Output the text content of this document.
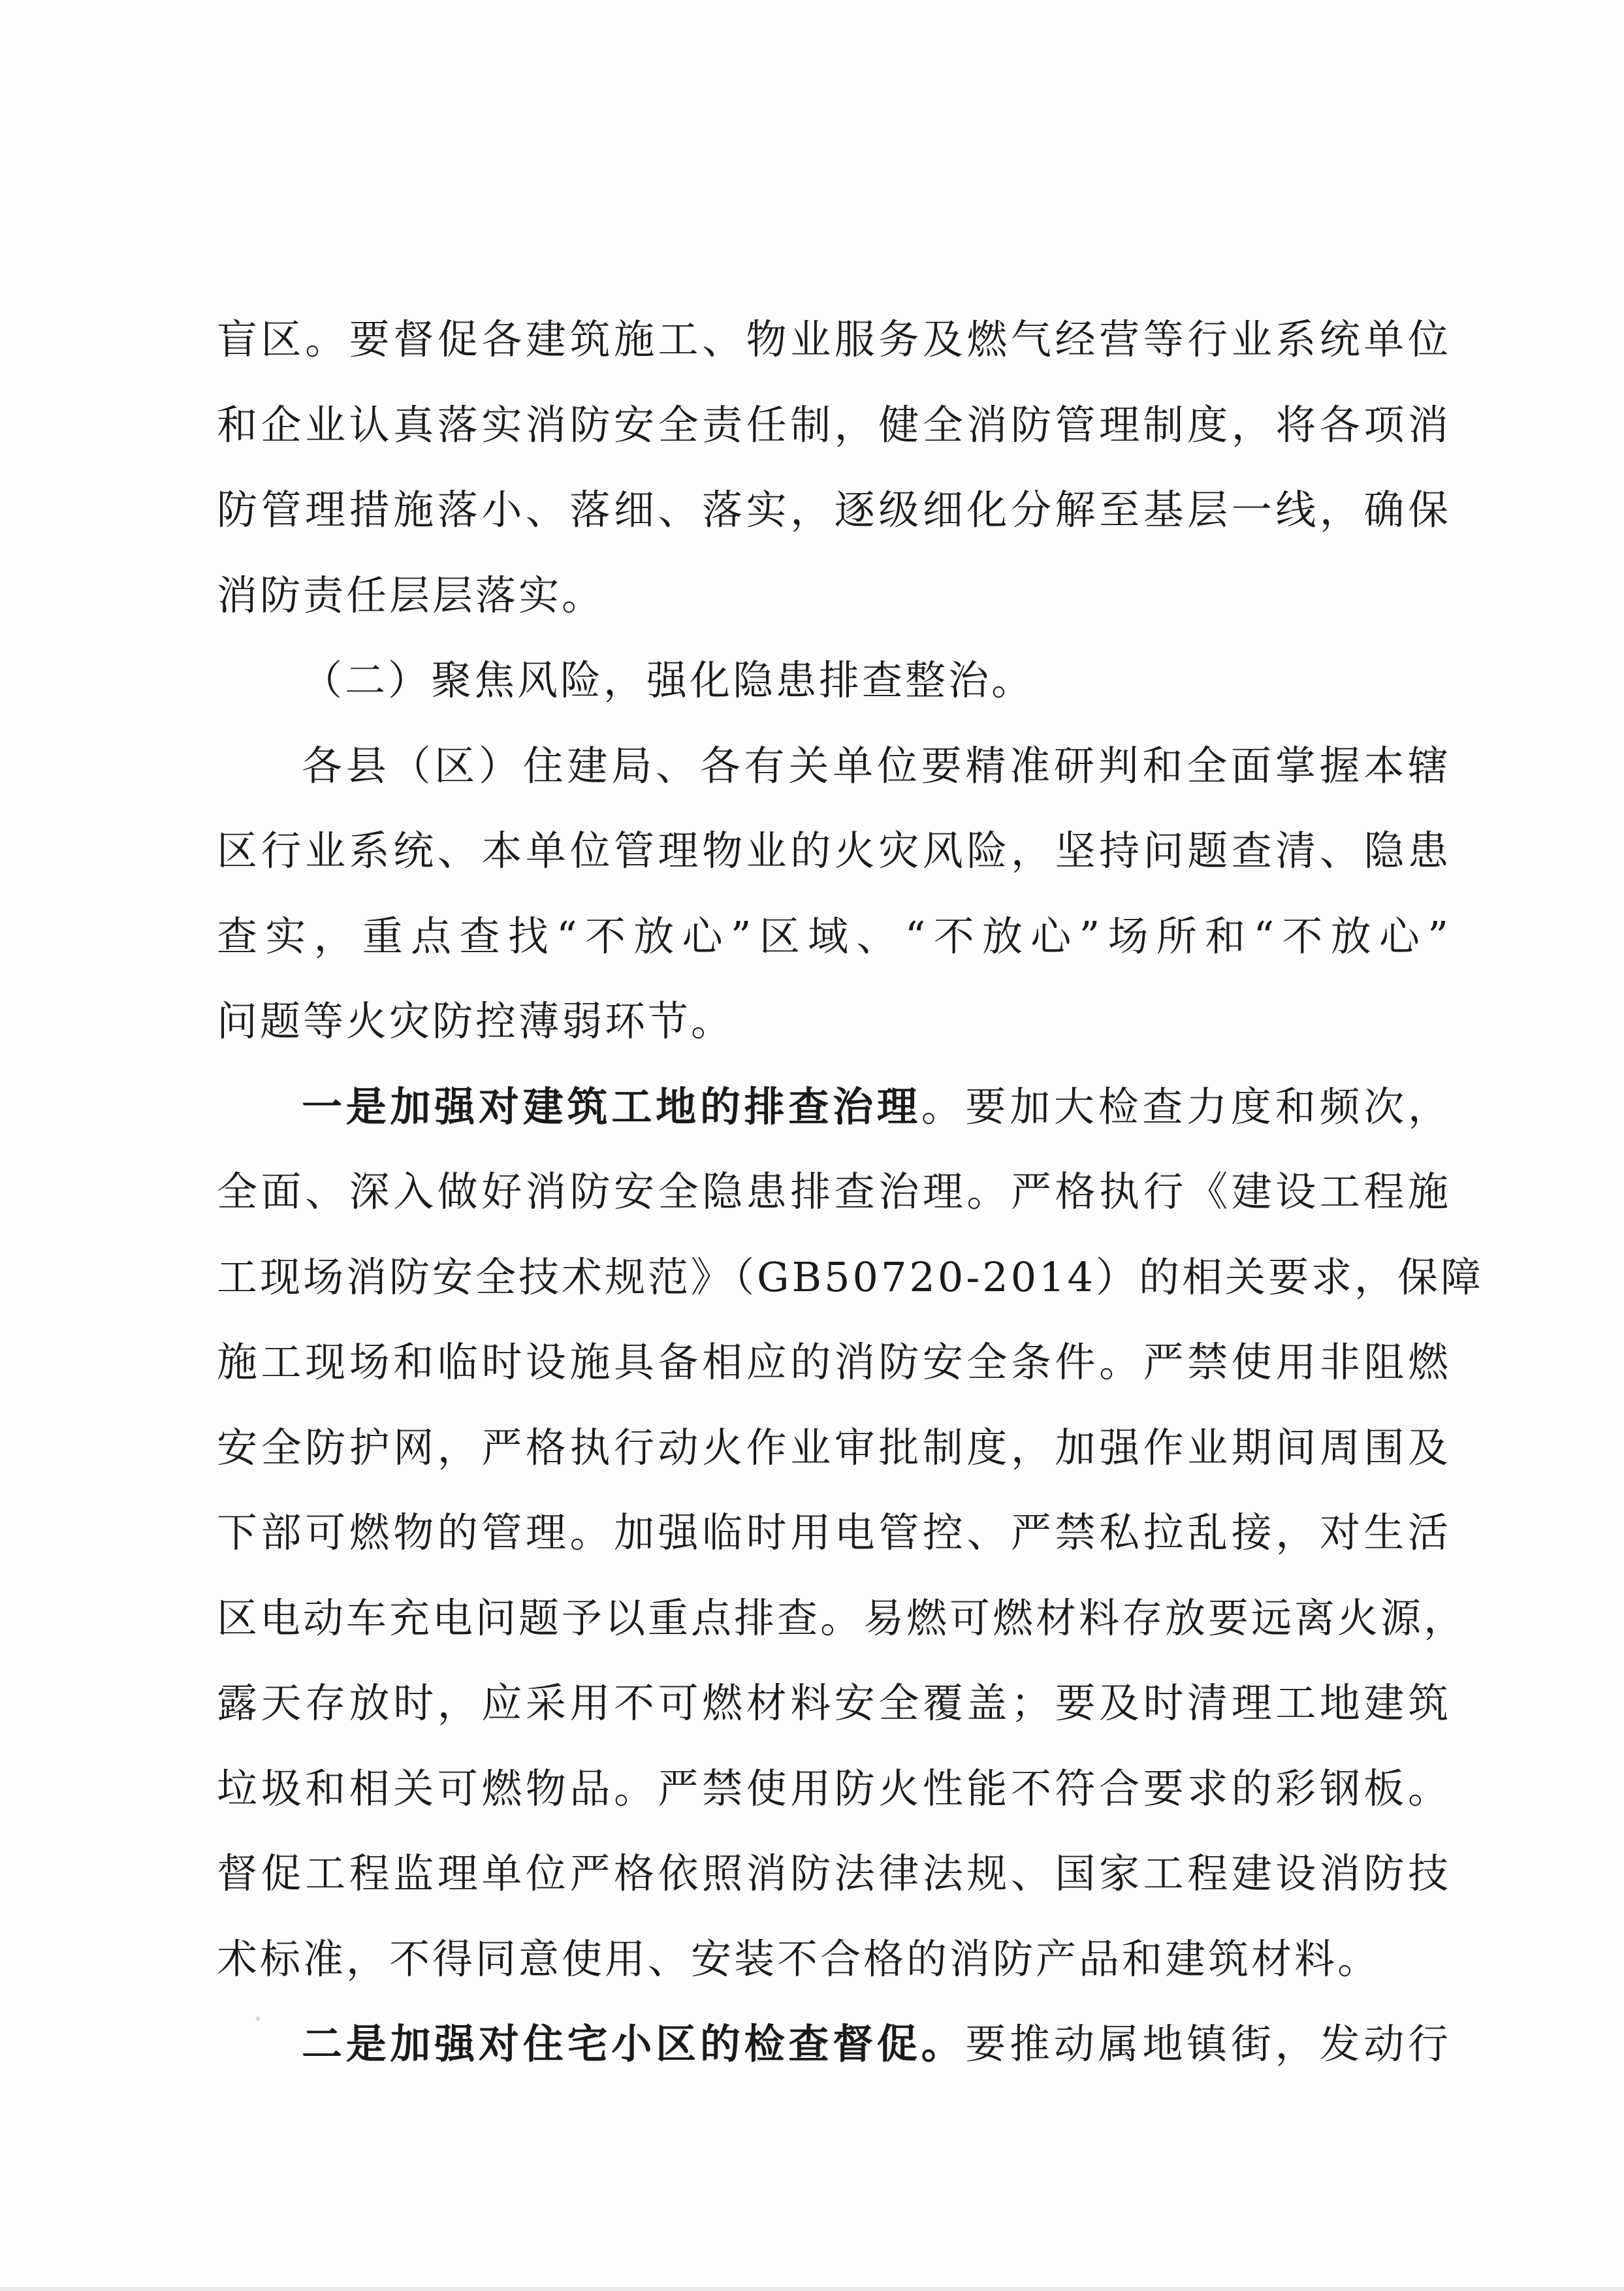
盲区。要督促各建筑施工、物业服务及燃气经营等行业系统单位
和企业认真落实消防安全责任制，健全消防管理制度，将各项消
防管理措施落小、落细、落实，逐级细化分解至基层一线，确保
消防责任层层落实。
（二）聚焦风险，强化隐患排查整治。
各县（区）住建局、各有关单位要精准研判和全面掌握本辖
区行业系统、本单位管理物业的火灾风险，坚持问题查清、隐患
查实，重点查找“不放心”区域、“不放心”场所和“不放心”
问题等火灾防控薄弱环节。
一是加强对建筑工地的排查治理。要加大检查力度和频次，
全面、深入做好消防安全隐患排查治理。严格执行《建设工程施
工现场消防安全技术规范》（GB50720-2014）的相关要求，保障
施工现场和临时设施具备相应的消防安全条件。严禁使用非阻燃
安全防护网，严格执行动火作业审批制度，加强作业期间周围及
下部可燃物的管理。加强临时用电管控、严禁私拉乱接，对生活
区电动车充电问题予以重点排查。易燃可燃材料存放要远离火源，
露天存放时，应采用不可燃材料安全覆盖；要及时清理工地建筑
垃圾和相关可燃物品。严禁使用防火性能不符合要求的彩钢板。
督促工程监理单位严格依照消防法律法规、国家工程建设消防技
术标准，不得同意使用、安装不合格的消防产品和建筑材料。
二是加强对住宅小区的检查督促。要推动属地镇街，发动行
